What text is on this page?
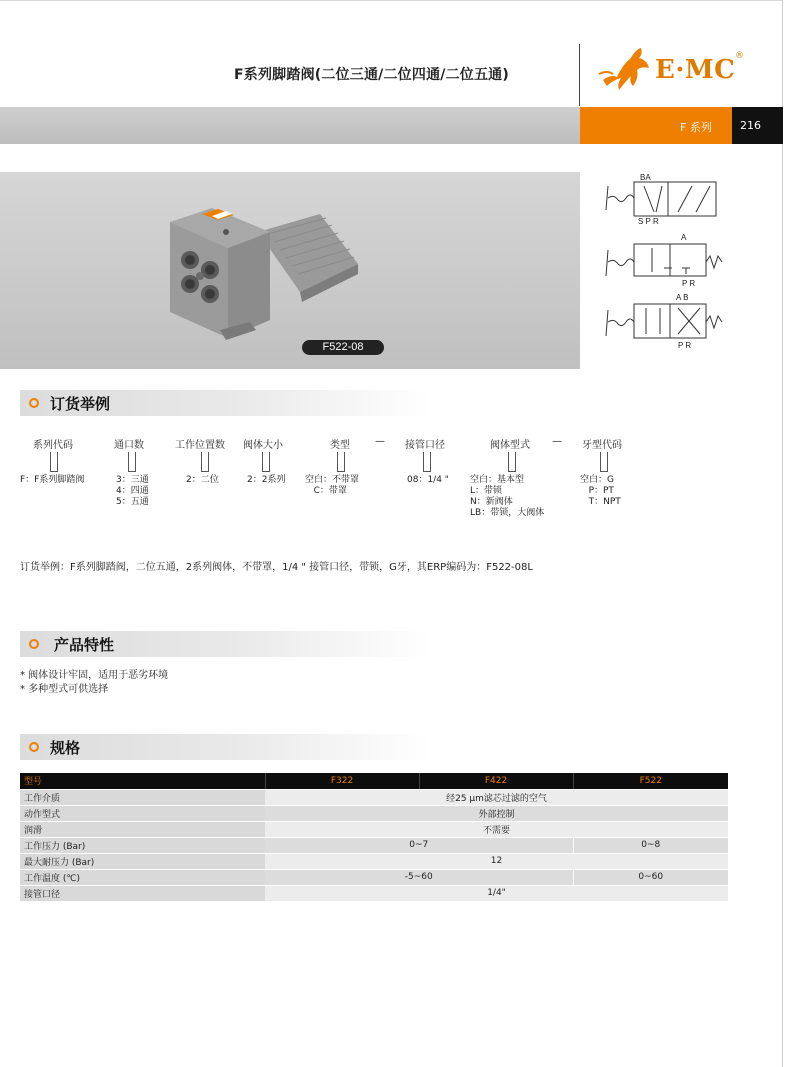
F系列脚踏阀(二位三通/二位四通/二位五通)	E·MC ®
F 系列	216
F522-08
BA
S P R
A
P R
A B
P R
订货举例
系列代码	通口数	工作位置数 阀体大小	类型	— 接管口径	阀体型式 — 牙型代码
F：F系列脚踏阀	3：三通
4：四通
5：五通
2：二位	2：2系列 空白：不带罩
C：带罩
08：1/4 " 空白：基本型
L：带锁
N：新阀体
LB：带锁，大阀体
空白：G
P：PT
T：NPT
订货举例：F系列脚踏阀，二位五通，2系列阀体，不带罩，1/4 " 接管口径，带锁，G牙，其ERP编码为：F522-08L
产品特性
* 阀体设计牢固，适用于恶劣环境
* 多种型式可供选择
规格
型号	F322	F422	F522
工作介质	经25 μm滤芯过滤的空气		
动作型式	外部控制		
润滑	不需要		
工作压力 (Bar)	0~7		0~8
最大耐压力 (Bar)	12		
工作温度 (℃)	-5~60		0~60
接管口径	1/4"		
